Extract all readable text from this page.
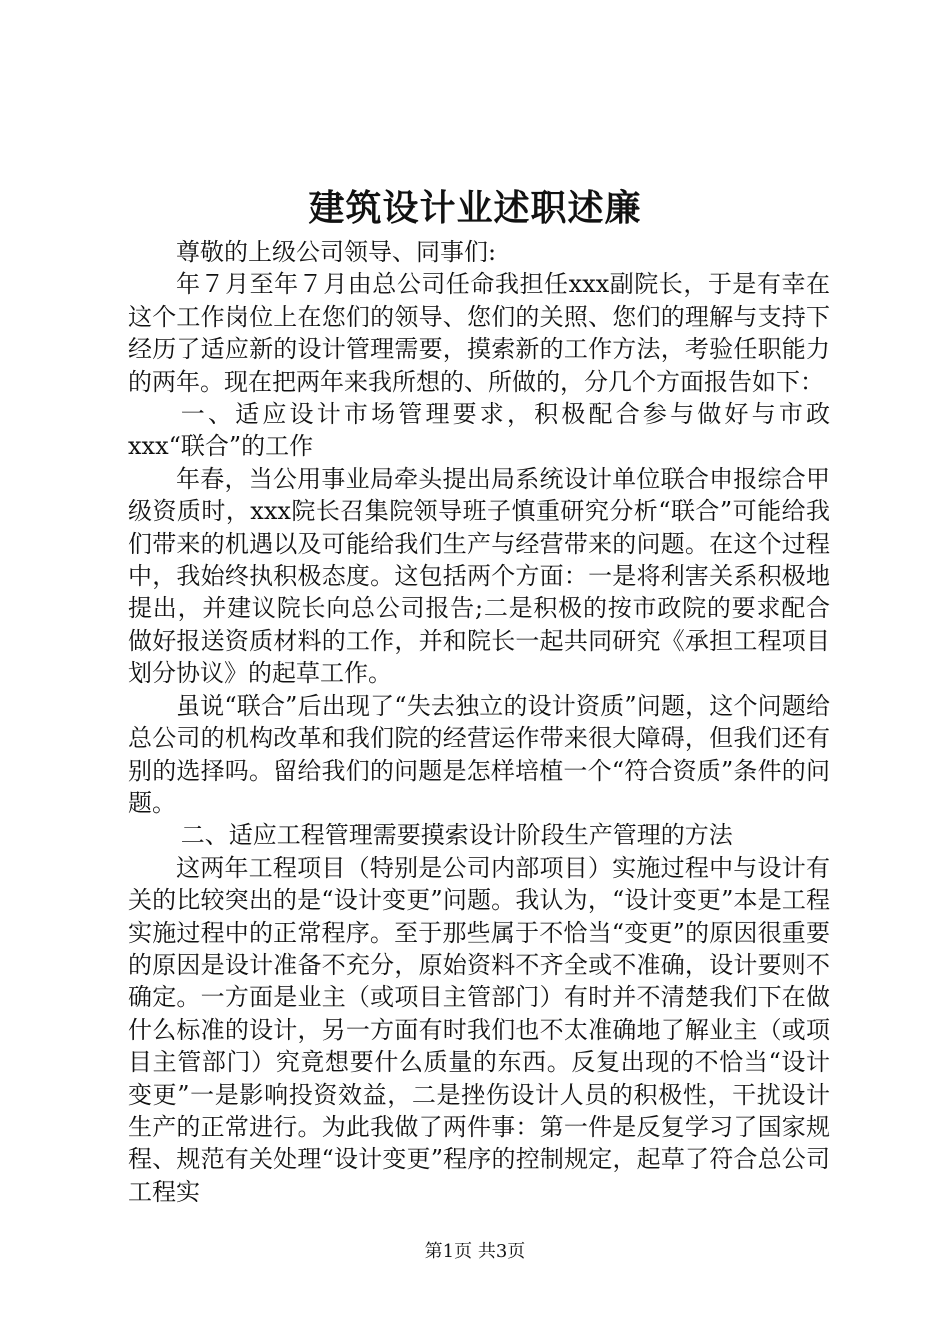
建筑设计业述职述廉

尊敬的上级公司领导、同事们:

年７月至年７月由总公司任命我担任xxx副院长，于是有幸在这个工作岗位上在您们的领导、您们的关照、您们的理解与支持下经历了适应新的设计管理需要，摸索新的工作方法，考验任职能力的两年。现在把两年来我所想的、所做的，分几个方面报告如下：

一、适应设计市场管理要求，积极配合参与做好与市政xxx“联合”的工作

年春，当公用事业局牵头提出局系统设计单位联合申报综合甲级资质时，xxx院长召集院领导班子慎重研究分析“联合”可能给我们带来的机遇以及可能给我们生产与经营带来的问题。在这个过程中，我始终执积极态度。这包括两个方面：一是将利害关系积极地提出，并建议院长向总公司报告;二是积极的按市政院的要求配合做好报送资质材料的工作，并和院长一起共同研究《承担工程项目划分协议》的起草工作。

虽说“联合”后出现了“失去独立的设计资质”问题，这个问题给总公司的机构改革和我们院的经营运作带来很大障碍，但我们还有别的选择吗。留给我们的问题是怎样培植一个“符合资质”条件的问题。

二、适应工程管理需要摸索设计阶段生产管理的方法

这两年工程项目（特别是公司内部项目）实施过程中与设计有关的比较突出的是“设计变更”问题。我认为，“设计变更”本是工程实施过程中的正常程序。至于那些属于不恰当“变更”的原因很重要的原因是设计准备不充分，原始资料不齐全或不准确，设计要则不确定。一方面是业主（或项目主管部门）有时并不清楚我们下在做什么标准的设计，另一方面有时我们也不太准确地了解业主（或项目主管部门）究竟想要什么质量的东西。反复出现的不恰当“设计变更”一是影响投资效益，二是挫伤设计人员的积极性，干扰设计生产的正常进行。为此我做了两件事：第一件是反复学习了国家规程、规范有关处理“设计变更”程序的控制规定，起草了符合总公司工程实

第1页 共3页
